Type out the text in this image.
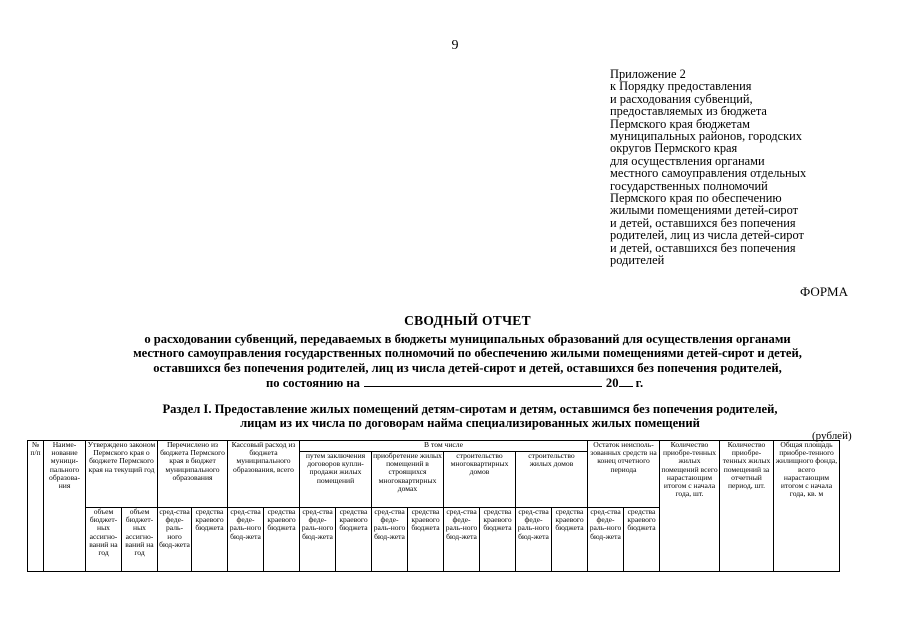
9
Приложение 2
к Порядку предоставления
и расходования субвенций,
предоставляемых из бюджета
Пермского края бюджетам
муниципальных районов, городских
округов Пермского края
для осуществления органами
местного самоуправления отдельных
государственных полномочий
Пермского края по обеспечению
жилыми помещениями детей-сирот
и детей, оставшихся без попечения
родителей, лиц из числа детей-сирот
и детей, оставшихся без попечения
родителей
ФОРМА
СВОДНЫЙ ОТЧЕТ
о расходовании субвенций, передаваемых в бюджеты муниципальных образований для осуществления органами
местного самоуправления государственных полномочий по обеспечению жилыми помещениями детей-сирот и детей,
оставшихся без попечения родителей, лиц из числа детей-сирот и детей, оставшихся без попечения родителей,
по состоянию на	20 г.
Раздел I. Предоставление жилых помещений детям-сиротам и детям, оставшимся без попечения родителей,
лицам из их числа по договорам найма специализированных жилых помещений
(рублей)
№ п/п	Наиме-нование муници-пального образова-ния	Утверждено законом Пермского края о бюджете Пермского края на текущий год		Перечислено из бюджета Пермского края в бюджет муниципального образования		Кассовый расход из бюджета муниципального образования, всего		В том числе								Остаток неисполь-зованных средств на конец отчетного периода		Количество приобре-тенных жилых помещений всего нарастающим итогом с начала года, шт.	Количество приобре-тенных жилых помещений за отчетный период, шт.	Общая площадь приобре-тенного жилищного фонда, всего нарастающим итогом с начала года, кв. м
								путем заключения договоров купли-продажи жилых помещений		приобретение жилых помещений в строящихся многоквартирных домах		строительство многоквартирных домов		строительство жилых домов						
		объем бюджет-ных ассигно-ваний на год	объем бюджет-ных ассигно-ваний на год	сред-ства феде-раль-ного бюд-жета	средства краевого бюджета	сред-ства феде-раль-ного бюд-жета	средства краевого бюджета	сред-ства феде-раль-ного бюд-жета	средства краевого бюджета	сред-ства феде-раль-ного бюд-жета	средства краевого бюджета	сред-ства феде-раль-ного бюд-жета	средства краевого бюджета	сред-ства феде-раль-ного бюд-жета	средства краевого бюджета	сред-ства феде-раль-ного бюд-жета	средства краевого бюджета			
